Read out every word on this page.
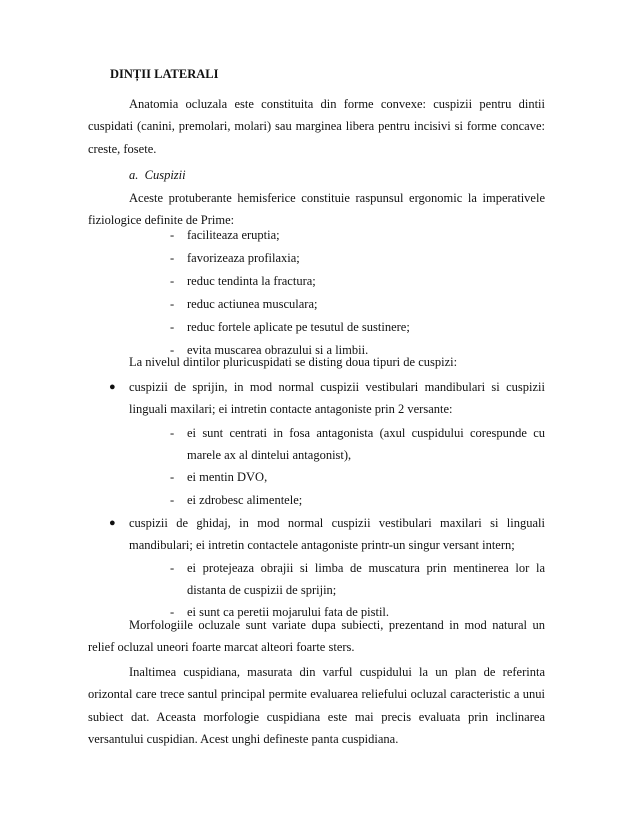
DINȚII LATERALI

Anatomia ocluzala este constituita din forme convexe: cuspizii pentru dintii cuspidati (canini, premolari, molari) sau marginea libera pentru incisivi si forme concave: creste, fosete.

a.  Cuspizii

Aceste protuberante hemisferice constituie raspunsul ergonomic la imperativele fiziologice definite de Prime:

- faciliteaza eruptia;
- favorizeaza profilaxia;
- reduc tendinta la fractura;
- reduc actiunea musculara;
- reduc fortele aplicate pe tesutul de sustinere;
- evita muscarea obrazului si a limbii.

La nivelul dintilor pluricuspidati se disting doua tipuri de cuspizi:

● cuspizii de sprijin, in mod normal cuspizii vestibulari mandibulari si cuspizii linguali maxilari; ei intretin contacte antagoniste prin 2 versante:
- ei sunt centrati in fosa antagonista (axul cuspidului corespunde cu marele ax al dintelui antagonist),
- ei mentin DVO,
- ei zdrobesc alimentele;
● cuspizii de ghidaj, in mod normal cuspizii vestibulari maxilari si linguali mandibulari; ei intretin contactele antagoniste printr-un singur versant intern;
- ei protejeaza obrajii si limba de muscatura prin mentinerea lor la distanta de cuspizii de sprijin;
- ei sunt ca peretii mojarului fata de pistil.

Morfologiile ocluzale sunt variate dupa subiecti, prezentand in mod natural un relief ocluzal uneori foarte marcat alteori foarte sters.

Inaltimea cuspidiana, masurata din varful cuspidului la un plan de referinta orizontal care trece santul principal permite evaluarea reliefului ocluzal caracteristic a unui subiect dat. Aceasta morfologie cuspidiana este mai precis evaluata prin inclinarea versantului cuspidian. Acest unghi defineste panta cuspidiana.
